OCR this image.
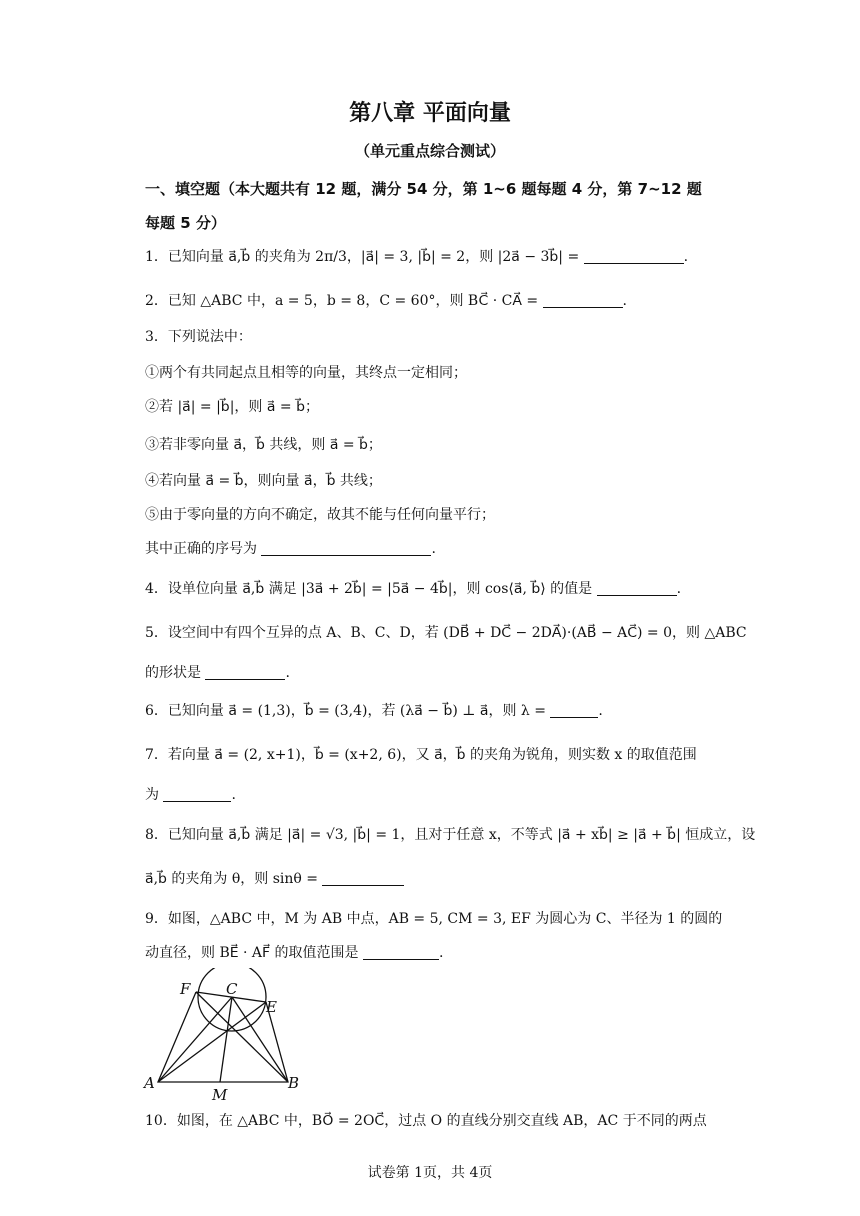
第八章 平面向量
（单元重点综合测试）
一、填空题（本大题共有 12 题，满分 54 分，第 1~6 题每题 4 分，第 7~12 题每题 5 分）
1．已知向量 a⃗,b⃗ 的夹角为 2π/3，|a⃗| = 3, |b⃗| = 2，则 |2a⃗ − 3b⃗| =	.
2．已知 △ABC 中，a = 5，b = 8，C = 60°，则 BC⃗ · CA⃗ =	.
3．下列说法中：
①两个有共同起点且相等的向量，其终点一定相同；
②若 |a⃗| = |b⃗|，则 a⃗ = b⃗；
③若非零向量 a⃗，b⃗ 共线，则 a⃗ = b⃗；
④若向量 a⃗ = b⃗，则向量 a⃗，b⃗ 共线；
⑤由于零向量的方向不确定，故其不能与任何向量平行；
其中正确的序号为	.
4．设单位向量 a⃗,b⃗ 满足 |3a⃗ + 2b⃗| = |5a⃗ − 4b⃗|，则 cos⟨a⃗, b⃗⟩ 的值是	.
5．设空间中有四个互异的点 A、B、C、D，若 (DB⃗ + DC⃗ − 2DA⃗)·(AB⃗ − AC⃗) = 0，则 △ABC
的形状是	.
6．已知向量 a⃗ = (1,3)，b⃗ = (3,4)，若 (λa⃗ − b⃗) ⊥ a⃗，则 λ =	.
7．若向量 a⃗ = (2, x+1)，b⃗ = (x+2, 6)，又 a⃗，b⃗ 的夹角为锐角，则实数 x 的取值范围
为	.
8．已知向量 a⃗,b⃗ 满足 |a⃗| = √3, |b⃗| = 1，且对于任意 x，不等式 |a⃗ + xb⃗| ≥ |a⃗ + b⃗| 恒成立，设
a⃗,b⃗ 的夹角为 θ，则 sinθ =
9．如图，△ABC 中，M 为 AB 中点，AB = 5, CM = 3, EF 为圆心为 C、半径为 1 的圆的
动直径，则 BE⃗ · AF⃗ 的取值范围是	.
F C
E
A
M
B
10．如图，在 △ABC 中，BO⃗ = 2OC⃗，过点 O 的直线分别交直线 AB，AC 于不同的两点
试卷第 1页，共 4页
